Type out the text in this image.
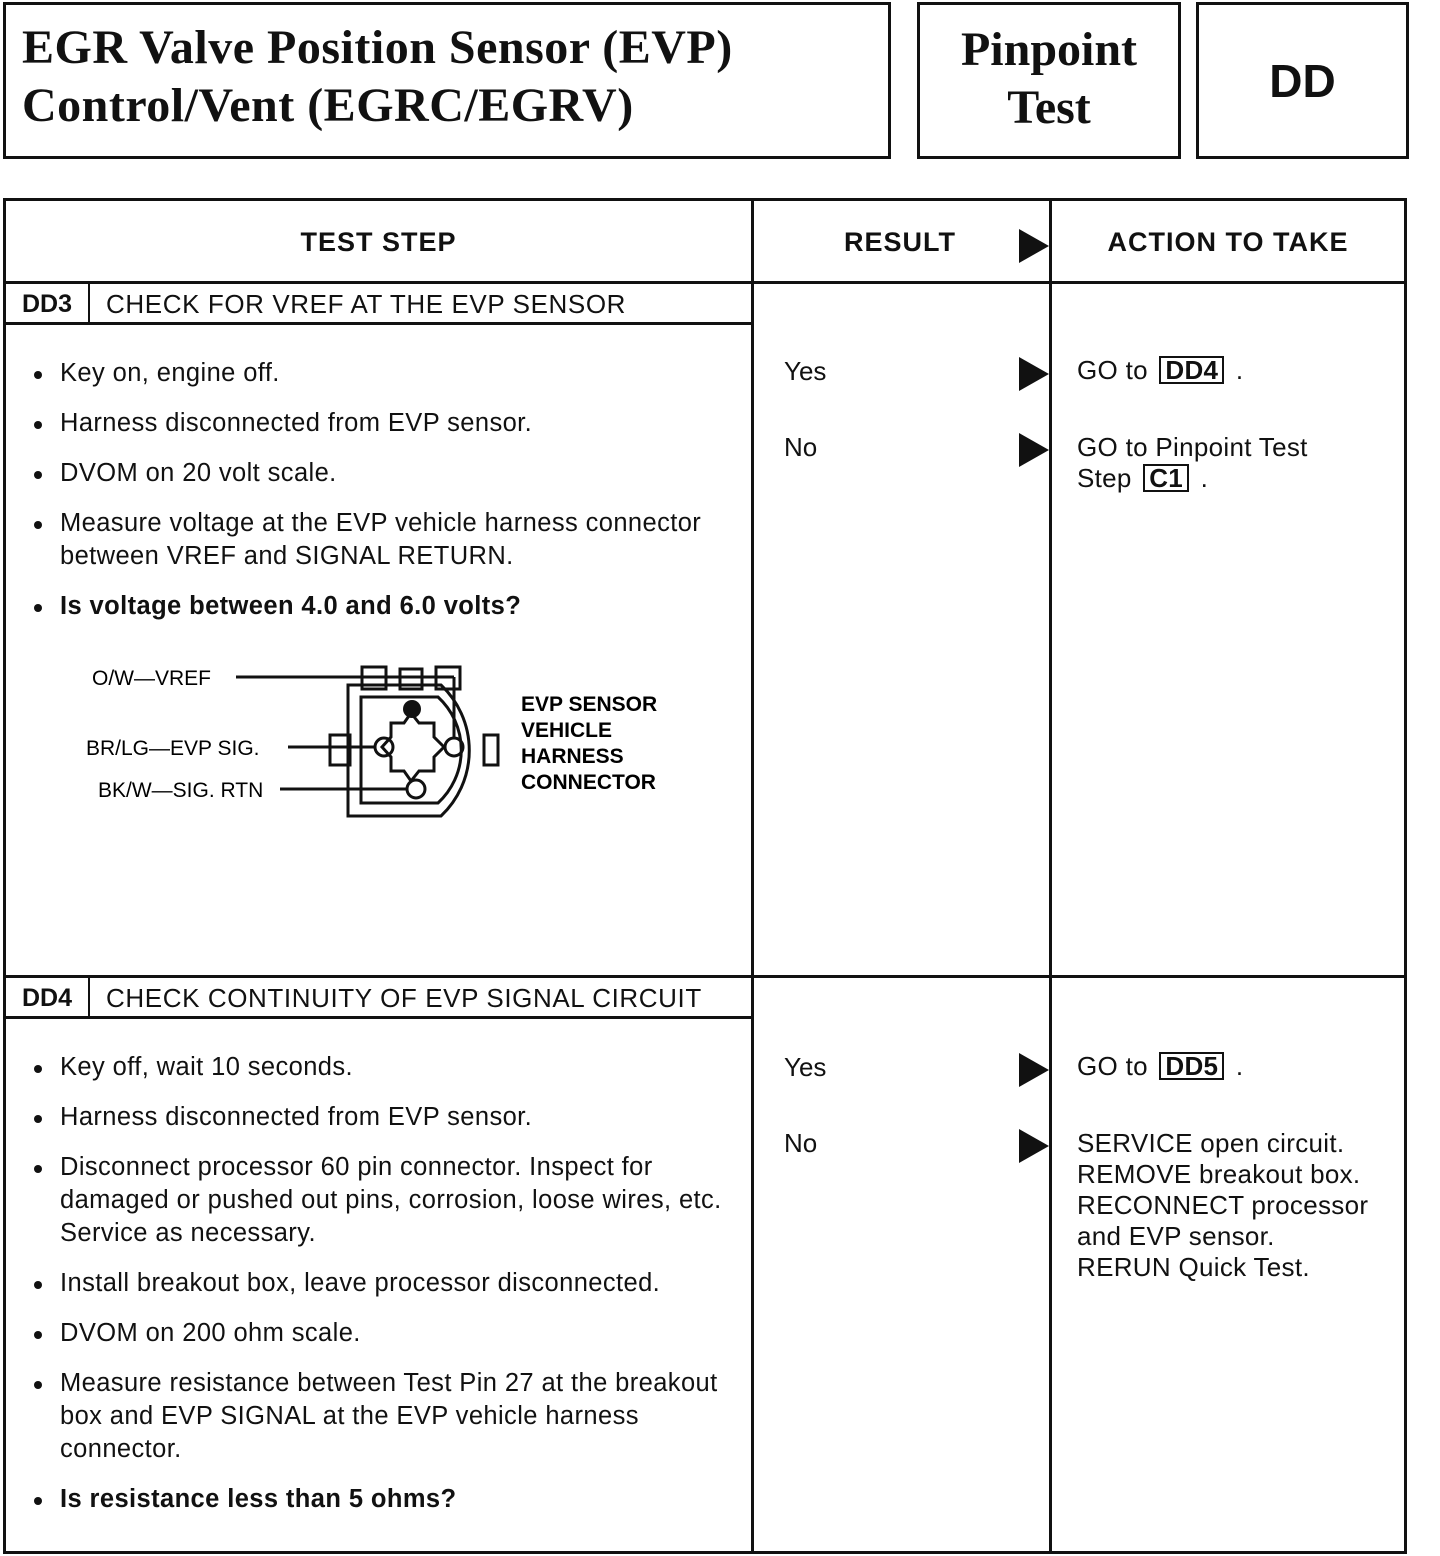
EGR Valve Position Sensor (EVP)
Control/Vent (EGRC/EGRV)
Pinpoint
Test
DD
TEST STEP	RESULT	ACTION TO TAKE
DD3	CHECK FOR VREF AT THE EVP SENSOR
Key on, engine off.
Harness disconnected from EVP sensor.
DVOM on 20 volt scale.
Measure voltage at the EVP vehicle harness connector between VREF and SIGNAL RETURN.
Is voltage between 4.0 and 6.0 volts?
O/W—VREF
BR/LG—EVP SIG.
BK/W—SIG. RTN
EVP SENSOR
VEHICLE
HARNESS
CONNECTOR
Yes	GO to DD4 .
No	GO to Pinpoint Test
Step C1 .
DD4	CHECK CONTINUITY OF EVP SIGNAL CIRCUIT
Key off, wait 10 seconds.
Harness disconnected from EVP sensor.
Disconnect processor 60 pin connector. Inspect for damaged or pushed out pins, corrosion, loose wires, etc. Service as necessary.
Install breakout box, leave processor disconnected.
DVOM on 200 ohm scale.
Measure resistance between Test Pin 27 at the breakout box and EVP SIGNAL at the EVP vehicle harness connector.
Is resistance less than 5 ohms?
Yes	GO to DD5 .
No	SERVICE open circuit.
REMOVE breakout box.
RECONNECT processor
and EVP sensor.
RERUN Quick Test.
